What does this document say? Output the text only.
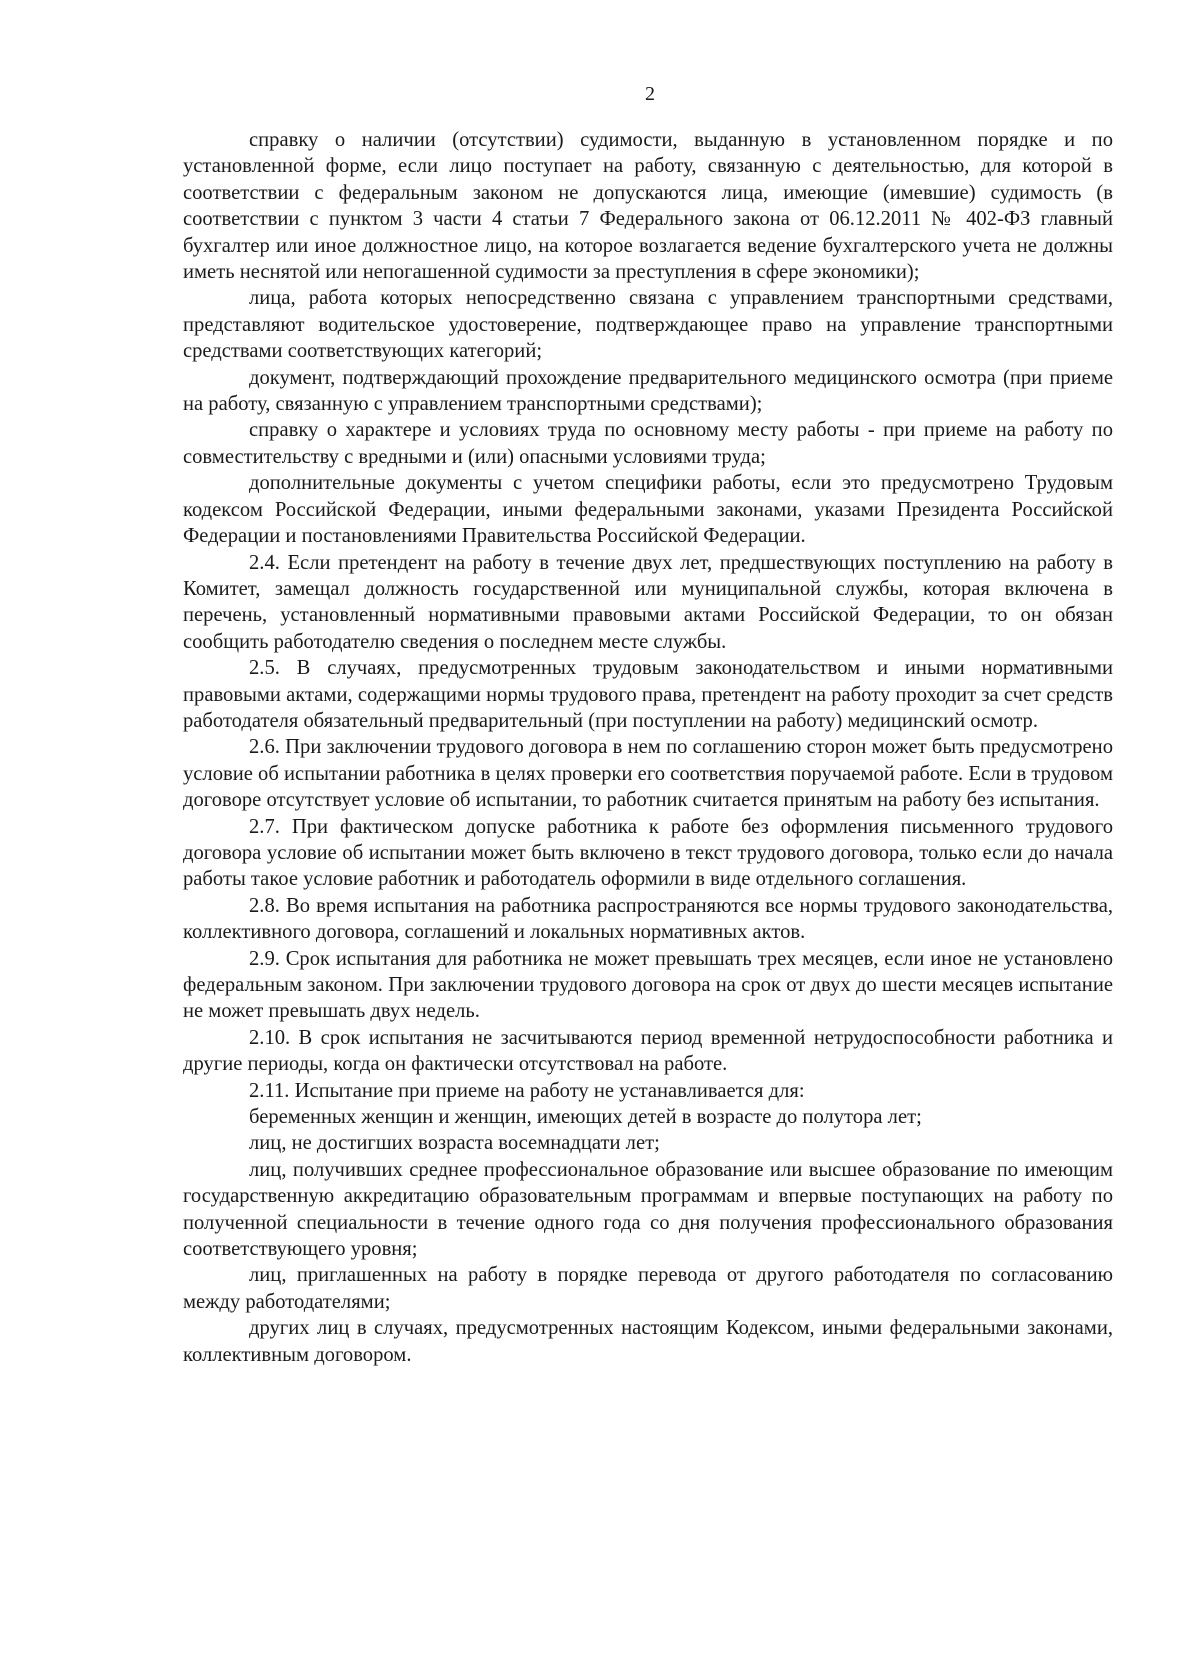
2

справку о наличии (отсутствии) судимости, выданную в установленном порядке и по установленной форме, если лицо поступает на работу, связанную с деятельностью, для которой в соответствии с федеральным законом не допускаются лица, имеющие (имевшие) судимость (в соответствии с пунктом 3 части 4 статьи 7 Федерального закона от 06.12.2011 № 402-ФЗ главный бухгалтер или иное должностное лицо, на которое возлагается ведение бухгалтерского учета не должны иметь неснятой или непогашенной судимости за преступления в сфере экономики);

лица, работа которых непосредственно связана с управлением транспортными средствами, представляют водительское удостоверение, подтверждающее право на управление транспортными средствами соответствующих категорий;

документ, подтверждающий прохождение предварительного медицинского осмотра (при приеме на работу, связанную с управлением транспортными средствами);

справку о характере и условиях труда по основному месту работы - при приеме на работу по совместительству с вредными и (или) опасными условиями труда;

дополнительные документы с учетом специфики работы, если это предусмотрено Трудовым кодексом Российской Федерации, иными федеральными законами, указами Президента Российской Федерации и постановлениями Правительства Российской Федерации.

2.4. Если претендент на работу в течение двух лет, предшествующих поступлению на работу в Комитет, замещал должность государственной или муниципальной службы, которая включена в перечень, установленный нормативными правовыми актами Российской Федерации, то он обязан сообщить работодателю сведения о последнем месте службы.

2.5. В случаях, предусмотренных трудовым законодательством и иными нормативными правовыми актами, содержащими нормы трудового права, претендент на работу проходит за счет средств работодателя обязательный предварительный (при поступлении на работу) медицинский осмотр.

2.6. При заключении трудового договора в нем по соглашению сторон может быть предусмотрено условие об испытании работника в целях проверки его соответствия поручаемой работе. Если в трудовом договоре отсутствует условие об испытании, то работник считается принятым на работу без испытания.

2.7. При фактическом допуске работника к работе без оформления письменного трудового договора условие об испытании может быть включено в текст трудового договора, только если до начала работы такое условие работник и работодатель оформили в виде отдельного соглашения.

2.8. Во время испытания на работника распространяются все нормы трудового законодательства, коллективного договора, соглашений и локальных нормативных актов.

2.9. Срок испытания для работника не может превышать трех месяцев, если иное не установлено федеральным законом. При заключении трудового договора на срок от двух до шести месяцев испытание не может превышать двух недель.

2.10. В срок испытания не засчитываются период временной нетрудоспособности работника и другие периоды, когда он фактически отсутствовал на работе.

2.11. Испытание при приеме на работу не устанавливается для:

беременных женщин и женщин, имеющих детей в возрасте до полутора лет;

лиц, не достигших возраста восемнадцати лет;

лиц, получивших среднее профессиональное образование или высшее образование по имеющим государственную аккредитацию образовательным программам и впервые поступающих на работу по полученной специальности в течение одного года со дня получения профессионального образования соответствующего уровня;

лиц, приглашенных на работу в порядке перевода от другого работодателя по согласованию между работодателями;

других лиц в случаях, предусмотренных настоящим Кодексом, иными федеральными законами, коллективным договором.
